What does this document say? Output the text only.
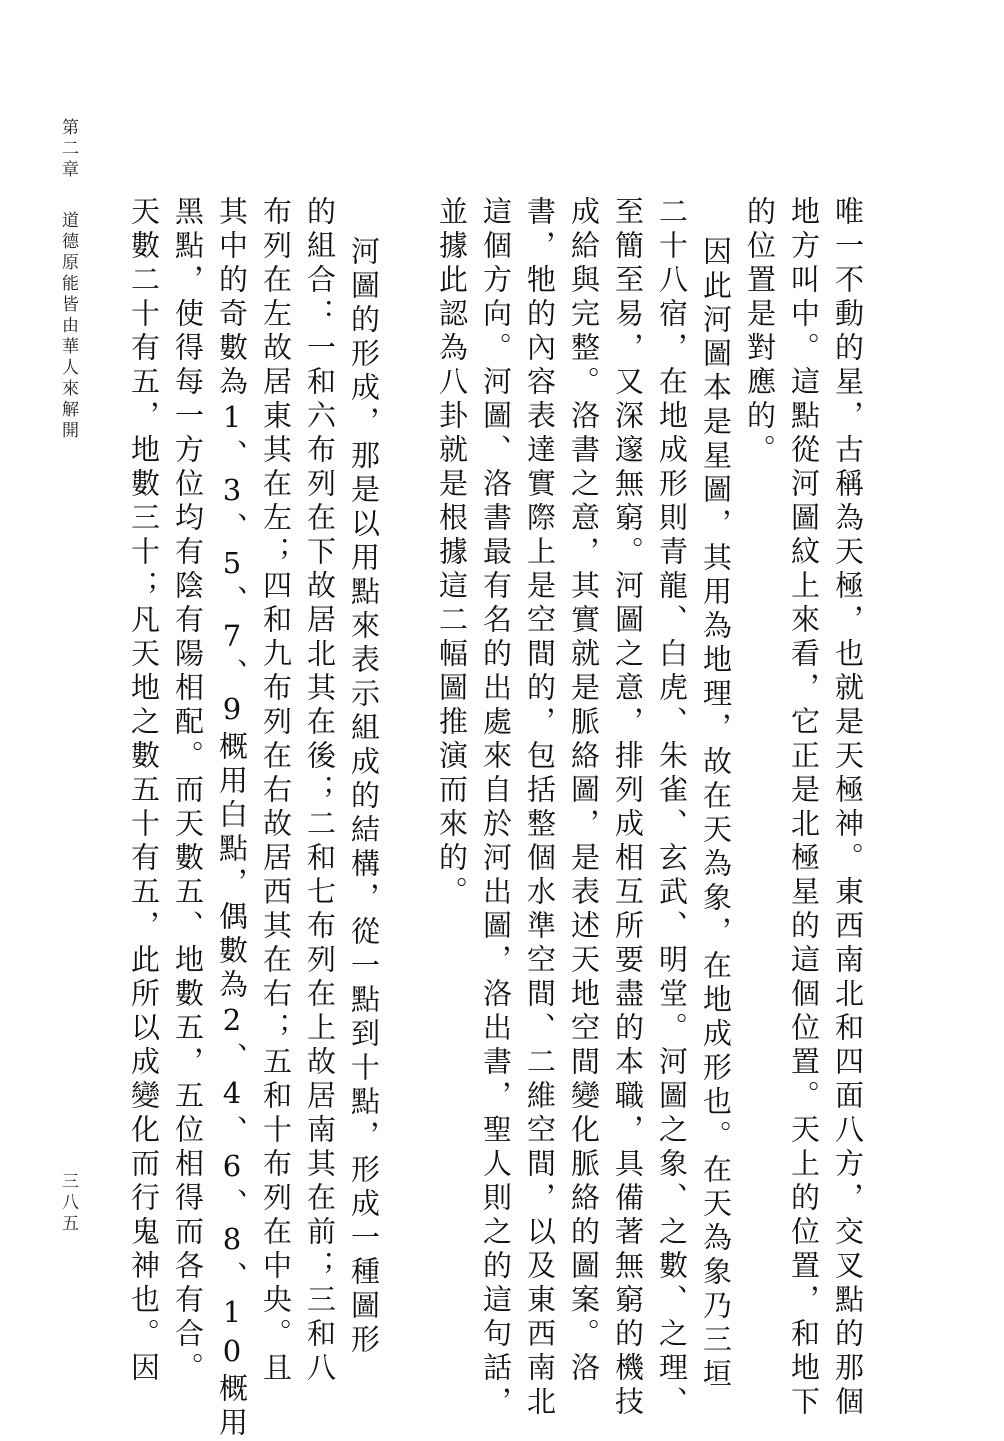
第二章道德原能皆由華人來解開
三八五	唯一不動的星，古稱為天極，也就是天極神。東西南北和四面八方，交叉點的那個

地方叫中。這點從河圖紋上來看，它正是北極星的這個位置。天上的位置，和地下

的位置是對應的。

因此河圖本是星圖，其用為地理，故在天為象，在地成形也。在天為象乃三垣

二十八宿，在地成形則青龍、白虎、朱雀、玄武、明堂。河圖之象、之數、之理、

至簡至易，又深邃無窮。河圖之意，排列成相互所要盡的本職，具備著無窮的機技

成給與完整。洛書之意，其實就是脈絡圖，是表述天地空間變化脈絡的圖案。洛

書，牠的內容表達實際上是空間的，包括整個水準空間、二維空間，以及東西南北

這個方向。河圖、洛書最有名的出處來自於河出圖，洛出書，聖人則之的這句話，

並據此認為八卦就是根據這二幅圖推演而來的。

河圖的形成，那是以用點來表示組成的結構，從一點到十點，形成一種圖形

的組合：一和六布列在下故居北其在後；二和七布列在上故居南其在前；三和八

布列在左故居東其在左；四和九布列在右故居西其在右；五和十布列在中央。且

其中的奇數為1、3、5、7、9概用白點，偶數為2、4、6、8、10概用

黑點，使得每一方位均有陰有陽相配。而天數五、地數五，五位相得而各有合。

天數二十有五，地數三十；凡天地之數五十有五，此所以成變化而行鬼神也。因
